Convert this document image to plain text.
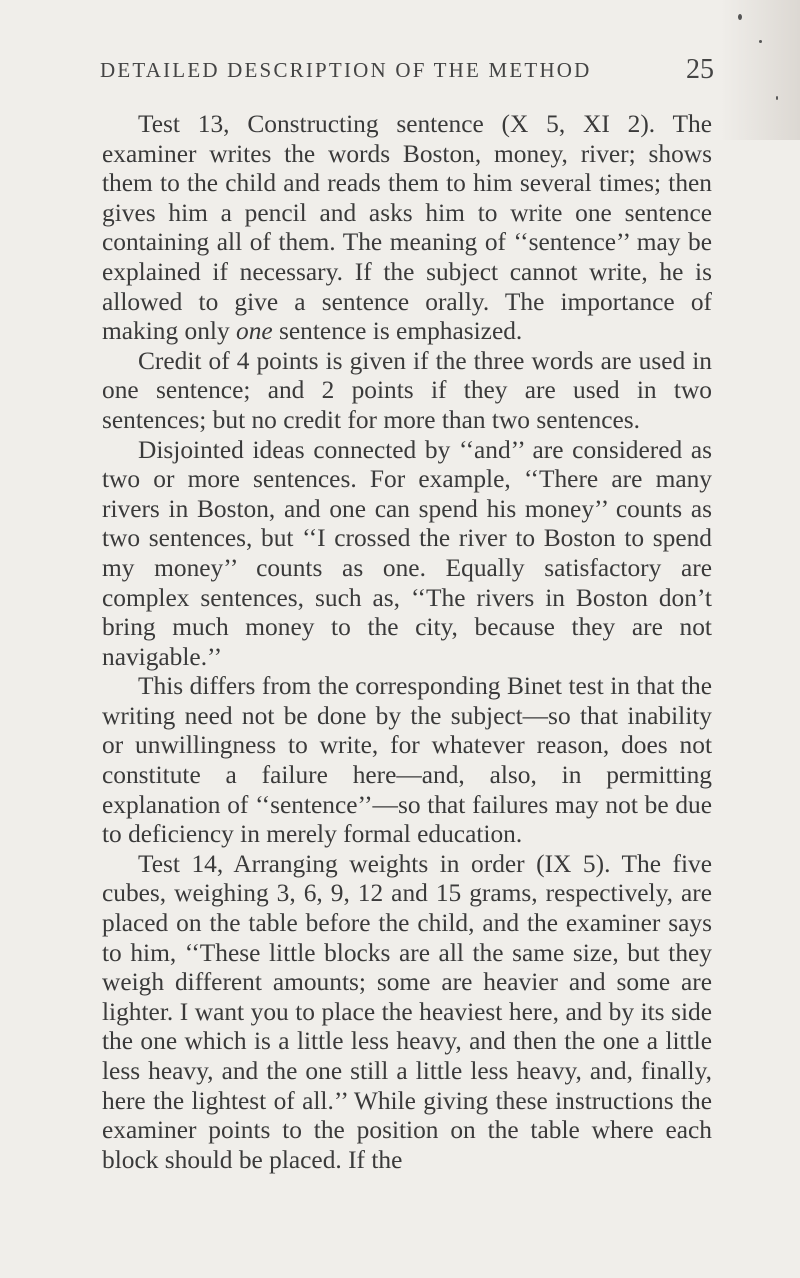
DETAILED DESCRIPTION OF THE METHOD	25

Test 13, Constructing sentence (X 5, XI 2). The examiner writes the words Boston, money, river; shows them to the child and reads them to him several times; then gives him a pencil and asks him to write one sentence containing all of them. The meaning of ‘‘sentence’’ may be explained if necessary. If the subject cannot write, he is allowed to give a sentence orally. The importance of making only one sentence is emphasized.

Credit of 4 points is given if the three words are used in one sentence; and 2 points if they are used in two sentences; but no credit for more than two sentences.

Disjointed ideas connected by ‘‘and’’ are considered as two or more sentences. For example, ‘‘There are many rivers in Boston, and one can spend his money’’ counts as two sentences, but ‘‘I crossed the river to Boston to spend my money’’ counts as one. Equally satisfactory are complex sentences, such as, ‘‘The rivers in Boston don’t bring much money to the city, because they are not navigable.’’

This differs from the corresponding Binet test in that the writing need not be done by the subject—so that inability or unwillingness to write, for whatever reason, does not constitute a failure here—and, also, in permitting explanation of ‘‘sentence’’—so that failures may not be due to deficiency in merely formal education.

Test 14, Arranging weights in order (IX 5). The five cubes, weighing 3, 6, 9, 12 and 15 grams, respectively, are placed on the table before the child, and the examiner says to him, ‘‘These little blocks are all the same size, but they weigh different amounts; some are heavier and some are lighter. I want you to place the heaviest here, and by its side the one which is a little less heavy, and then the one a little less heavy, and the one still a little less heavy, and, finally, here the lightest of all.’’ While giving these instructions the examiner points to the position on the table where each block should be placed. If the
